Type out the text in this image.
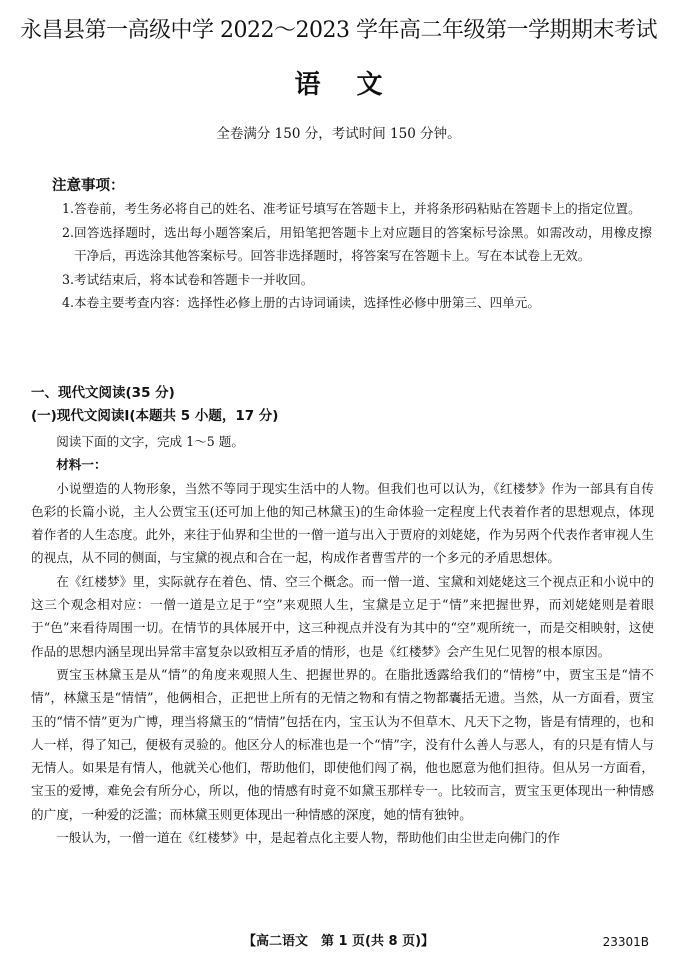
永昌县第一高级中学 2022～2023 学年高二年级第一学期期末考试
语文
全卷满分 150 分，考试时间 150 分钟。
注意事项：
1. 答卷前，考生务必将自己的姓名、准考证号填写在答题卡上，并将条形码粘贴在答题卡上的指定位置。
2. 回答选择题时，选出每小题答案后，用铅笔把答题卡上对应题目的答案标号涂黑。如需改动，用橡皮擦干净后，再选涂其他答案标号。回答非选择题时，将答案写在答题卡上。写在本试卷上无效。
3. 考试结束后，将本试卷和答题卡一并收回。
4. 本卷主要考查内容：选择性必修上册的古诗词诵读，选择性必修中册第三、四单元。
一、现代文阅读(35 分)
(一)现代文阅读Ⅰ(本题共 5 小题，17 分)

阅读下面的文字，完成 1～5 题。

材料一：

小说塑造的人物形象，当然不等同于现实生活中的人物。但我们也可以认为，《红楼梦》作为一部具有自传色彩的长篇小说，主人公贾宝玉(还可加上他的知己林黛玉)的生命体验一定程度上代表着作者的思想观点，体现着作者的人生态度。此外，来往于仙界和尘世的一僧一道与出入于贾府的刘姥姥，作为另两个代表作者审视人生的视点，从不同的侧面，与宝黛的视点和合在一起，构成作者曹雪芹的一个多元的矛盾思想体。

在《红楼梦》里，实际就存在着色、情、空三个概念。而一僧一道、宝黛和刘姥姥这三个视点正和小说中的这三个观念相对应：一僧一道是立足于“空”来观照人生，宝黛是立足于“情”来把握世界，而刘姥姥则是着眼于“色”来看待周围一切。在情节的具体展开中，这三种视点并没有为其中的“空”观所统一，而是交相映射，这使作品的思想内涵呈现出异常丰富复杂以致相互矛盾的情形，也是《红楼梦》会产生见仁见智的根本原因。

贾宝玉林黛玉是从“情”的角度来观照人生、把握世界的。在脂批透露给我们的“情榜”中，贾宝玉是“情不情”，林黛玉是“情情”，他俩相合，正把世上所有的无情之物和有情之物都囊括无遗。当然，从一方面看，贾宝玉的“情不情”更为广博，理当将黛玉的“情情”包括在内，宝玉认为不但草木、凡天下之物，皆是有情理的，也和人一样，得了知己，便极有灵验的。他区分人的标准也是一个“情”字，没有什么善人与恶人，有的只是有情人与无情人。如果是有情人，他就关心他们，帮助他们，即使他们闯了祸，他也愿意为他们担待。但从另一方面看，宝玉的爱博，难免会有所分心，所以，他的情感有时竟不如黛玉那样专一。比较而言，贾宝玉更体现出一种情感的广度，一种爱的泛滥；而林黛玉则更体现出一种情感的深度，她的情有独钟。

一般认为，一僧一道在《红楼梦》中，是起着点化主要人物，帮助他们由尘世走向佛门的作

【高二语文　第 1 页(共 8 页)】	23301B
